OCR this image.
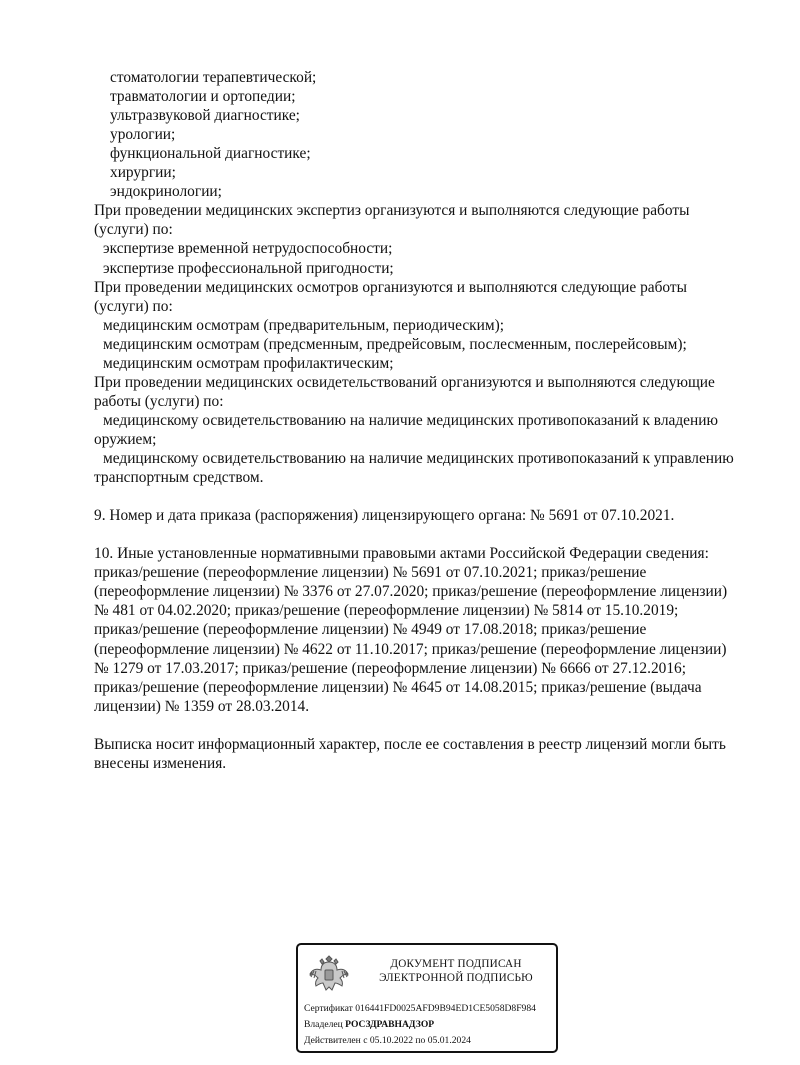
стоматологии терапевтической;
травматологии и ортопедии;
ультразвуковой диагностике;
урологии;
функциональной диагностике;
хирургии;
эндокринологии;
При проведении медицинских экспертиз организуются и выполняются следующие работы
(услуги) по:
экспертизе временной нетрудоспособности;
экспертизе профессиональной пригодности;
При проведении медицинских осмотров организуются и выполняются следующие работы
(услуги) по:
медицинским осмотрам (предварительным, периодическим);
медицинским осмотрам (предсменным, предрейсовым, послесменным, послерейсовым);
медицинским осмотрам профилактическим;
При проведении медицинских освидетельствований организуются и выполняются следующие
работы (услуги) по:
медицинскому освидетельствованию на наличие медицинских противопоказаний к владению
оружием;
медицинскому освидетельствованию на наличие медицинских противопоказаний к управлению
транспортным средством.
9. Номер и дата приказа (распоряжения) лицензирующего органа: № 5691 от 07.10.2021.
10. Иные установленные нормативными правовыми актами Российской Федерации сведения:
приказ/решение (переоформление лицензии) № 5691 от 07.10.2021; приказ/решение
(переоформление лицензии) № 3376 от 27.07.2020; приказ/решение (переоформление лицензии)
№ 481 от 04.02.2020; приказ/решение (переоформление лицензии) № 5814 от 15.10.2019;
приказ/решение (переоформление лицензии) № 4949 от 17.08.2018; приказ/решение
(переоформление лицензии) № 4622 от 11.10.2017; приказ/решение (переоформление лицензии)
№ 1279 от 17.03.2017; приказ/решение (переоформление лицензии) № 6666 от 27.12.2016;
приказ/решение (переоформление лицензии) № 4645 от 14.08.2015; приказ/решение (выдача
лицензии) № 1359 от 28.03.2014.
Выписка носит информационный характер, после ее составления в реестр лицензий могли быть
внесены изменения.
ДОКУМЕНТ ПОДПИСАН
ЭЛЕКТРОННОЙ ПОДПИСЬЮ
Сертификат 016441FD0025AFD9B94ED1CE5058D8F984
Владелец РОСЗДРАВНАДЗОР
Действителен с 05.10.2022 по 05.01.2024
